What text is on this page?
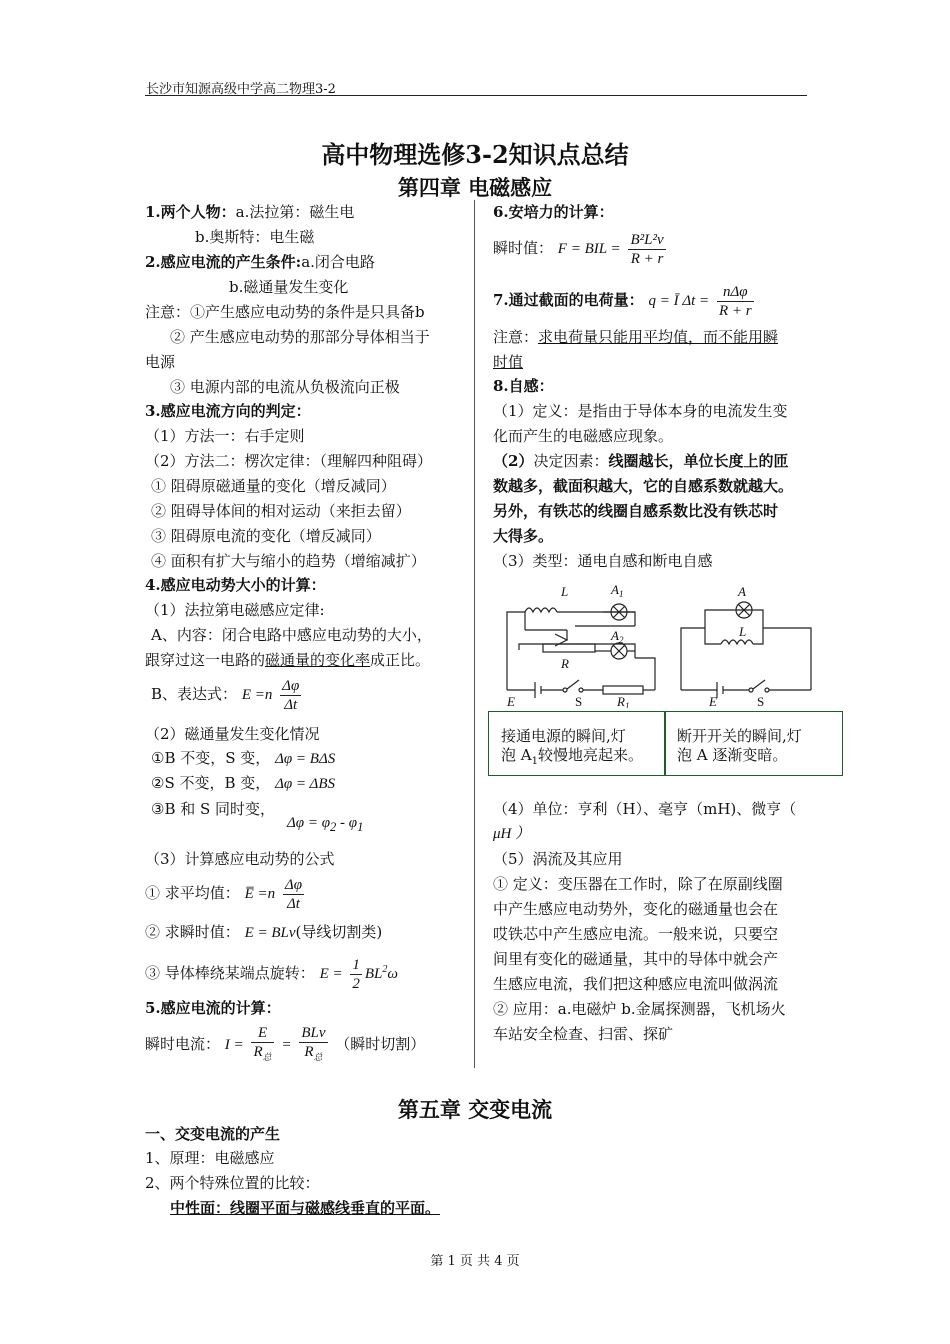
长沙市知源高级中学高二物理3-2
高中物理选修3-2知识点总结
第四章 电磁感应
1.两个人物：a.法拉第：磁生电
b.奥斯特：电生磁
2.感应电流的产生条件:a.闭合电路
b.磁通量发生变化
注意：①产生感应电动势的条件是只具备b
② 产生感应电动势的那部分导体相当于
电源
③ 电源内部的电流从负极流向正极
3.感应电流方向的判定：
（1）方法一：右手定则
（2）方法二：楞次定律：（理解四种阻碍）
① 阻碍原磁通量的变化（增反减同）
② 阻碍导体间的相对运动（来拒去留）
③ 阻碍原电流的变化（增反减同）
④ 面积有扩大与缩小的趋势（增缩减扩）
4.感应电动势大小的计算：
（1）法拉第电磁感应定律:
A、内容：闭合电路中感应电动势的大小，
跟穿过这一电路的磁通量的变化率成正比。
B、表达式： $E =n \frac{\Delta\varphi}{\Delta t}$
（2）磁通量发生变化情况
①B 不变，S 变， Δφ = BΔS
②S 不变，B 变， Δφ = ΔBS
③B 和 S 同时变，
$\Delta\varphi = \varphi_2 - \varphi_1$
（3）计算感应电动势的公式
① 求平均值： E̅ $=n \frac{\Delta\varphi}{\Delta t}$
② 求瞬时值： E = BLv(导线切割类)
③ 导体棒绕某端点旋转： $E = \frac{1}{2} BL^2\omega$
5.感应电流的计算：
瞬时电流： $I = \frac{E}{R_总} = \frac{\text{BLv}}{R_总}$ （瞬时切割）
6.安培力的计算：
瞬时值： F = BIL = $\frac{\text{B²L²v}}{R + r}$
7.通过截面的电荷量： q = Ī $\Delta t = \frac{\text{nΔφ}}{R + r}$
注意：求电荷量只能用平均值，而不能用瞬
时值
8.自感：
（1）定义：是指由于导体本身的电流发生变
化而产生的电磁感应现象。
（2）决定因素：线圈越长，单位长度上的匝
数越多，截面积越大，它的自感系数就越大。
另外，有铁芯的线圈自感系数比没有铁芯时
大得多。
（3）类型：通电自感和断电自感
L	$A_1$
$A_2$
R
E	S	$R_1$
A
L
E	S
接通电源的瞬间,灯
泡 $A_1$较慢地亮起来。
断开开关的瞬间,灯
泡 A 逐渐变暗。
（4）单位：亨利（H）、毫亨（mH)、微亨（
μH ）
（5）涡流及其应用
① 定义：变压器在工作时，除了在原副线圈
中产生感应电动势外，变化的磁通量也会在
哎铁芯中产生感应电流。一般来说，只要空
间里有变化的磁通量，其中的导体中就会产
生感应电流，我们把这种感应电流叫做涡流
② 应用：a.电磁炉 b.金属探测器，飞机场火
车站安全检查、扫雷、探矿
第五章 交变电流
一、交变电流的产生
1、原理：电磁感应
2、两个特殊位置的比较：
中性面：线圈平面与磁感线垂直的平面。
第 1 页 共 4 页
